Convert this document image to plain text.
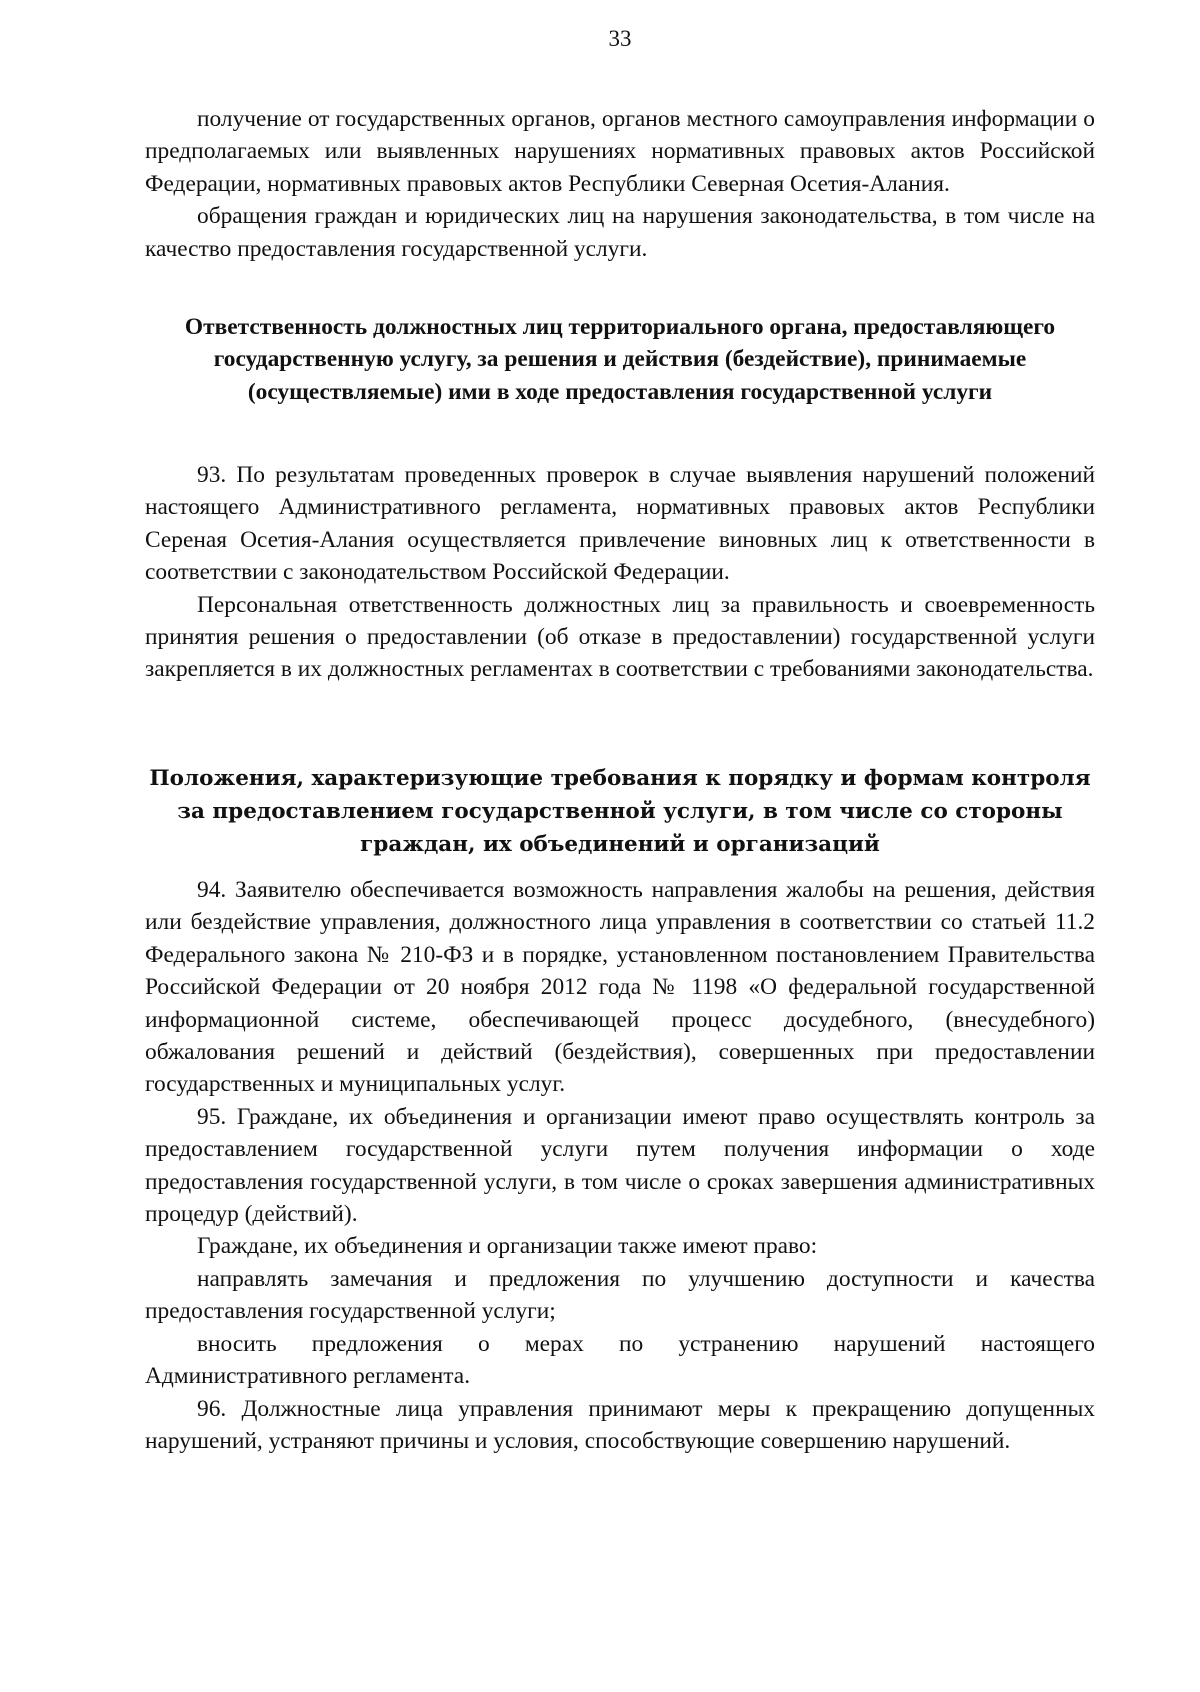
33

получение от государственных органов, органов местного самоуправления информации о предполагаемых или выявленных нарушениях нормативных правовых актов Российской Федерации, нормативных правовых актов Республики Северная Осетия-Алания.

обращения граждан и юридических лиц на нарушения законодательства, в том числе на качество предоставления государственной услуги.

Ответственность должностных лиц территориального органа, предоставляющего государственную услугу, за решения и действия (бездействие), принимаемые (осуществляемые) ими в ходе предоставления государственной услуги

93. По результатам проведенных проверок в случае выявления нарушений положений настоящего Административного регламента, нормативных правовых актов Республики Сереная Осетия-Алания осуществляется привлечение виновных лиц к ответственности в соответствии с законодательством Российской Федерации.

Персональная ответственность должностных лиц за правильность и своевременность принятия решения о предоставлении (об отказе в предоставлении) государственной услуги закрепляется в их должностных регламентах в соответствии с требованиями законодательства.

Положения, характеризующие требования к порядку и формам контроля за предоставлением государственной услуги, в том числе со стороны граждан, их объединений и организаций

94. Заявителю обеспечивается возможность направления жалобы на решения, действия или бездействие управления, должностного лица управления в соответствии со статьей 11.2 Федерального закона № 210-ФЗ и в порядке, установленном постановлением Правительства Российской Федерации от 20 ноября 2012 года № 1198 «О федеральной государственной информационной системе, обеспечивающей процесс досудебного, (внесудебного) обжалования решений и действий (бездействия), совершенных при предоставлении государственных и муниципальных услуг.

95. Граждане, их объединения и организации имеют право осуществлять контроль за предоставлением государственной услуги путем получения информации о ходе предоставления государственной услуги, в том числе о сроках завершения административных процедур (действий).

Граждане, их объединения и организации также имеют право:

направлять замечания и предложения по улучшению доступности и качества предоставления государственной услуги;

вносить предложения о мерах по устранению нарушений настоящего Административного регламента.

96. Должностные лица управления принимают меры к прекращению допущенных нарушений, устраняют причины и условия, способствующие совершению нарушений.
